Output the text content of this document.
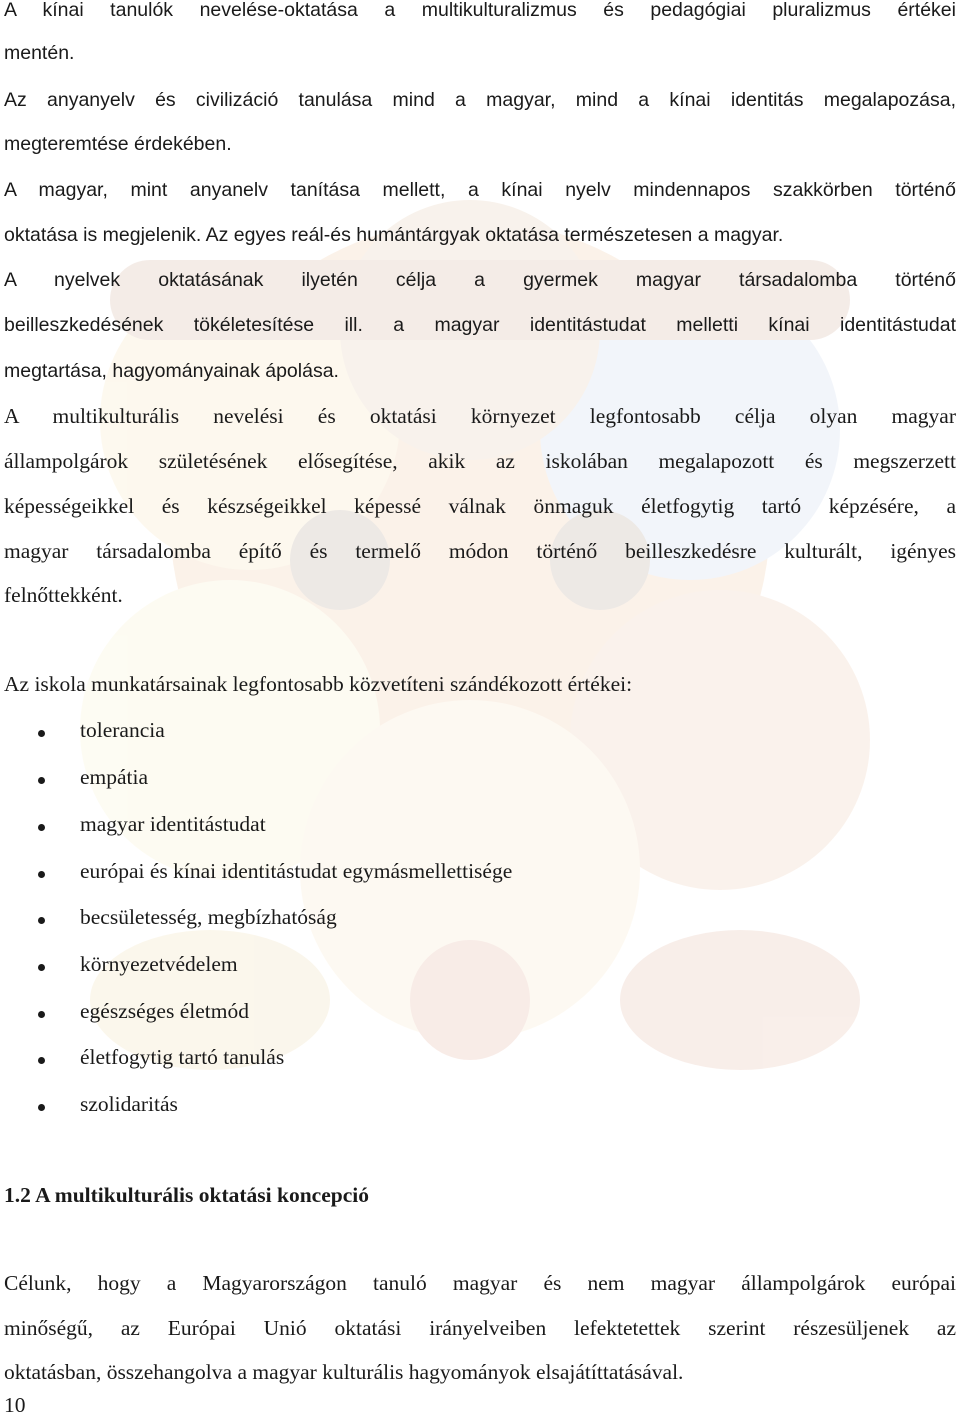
A kínai tanulók nevelése-oktatása a multikulturalizmus és pedagógiai pluralizmus értékei
mentén.
Az anyanyelv és civilizáció tanulása mind a magyar, mind a kínai identitás megalapozása,
megteremtése érdekében.
A magyar, mint anyanelv tanítása mellett, a kínai nyelv mindennapos szakkörben történő
oktatása is megjelenik. Az egyes reál-és humántárgyak oktatása természetesen a magyar.
A nyelvek oktatásának ilyetén célja a gyermek magyar társadalomba történő
beilleszkedésének tökéletesítése ill. a magyar identitástudat melletti kínai identitástudat
megtartása, hagyományainak ápolása.
A multikulturális nevelési és oktatási környezet legfontosabb célja olyan magyar
állampolgárok születésének elősegítése, akik az iskolában megalapozott és megszerzett
képességeikkel és készségeikkel képessé válnak önmaguk életfogytig tartó képzésére, a
magyar társadalomba építő és termelő módon történő beilleszkedésre kulturált, igényes
felnőttekként.
Az iskola munkatársainak legfontosabb közvetíteni szándékozott értékei:
tolerancia
empátia
magyar identitástudat
európai és kínai identitástudat egymásmellettisége
becsületesség, megbízhatóság
környezetvédelem
egészséges életmód
életfogytig tartó tanulás
szolidaritás
1.2 A multikulturális oktatási koncepció
Célunk, hogy a Magyarországon tanuló magyar és nem magyar állampolgárok európai
minőségű, az Európai Unió oktatási irányelveiben lefektetettek szerint részesüljenek az
oktatásban, összehangolva a magyar kulturális hagyományok elsajátíttatásával.
10
